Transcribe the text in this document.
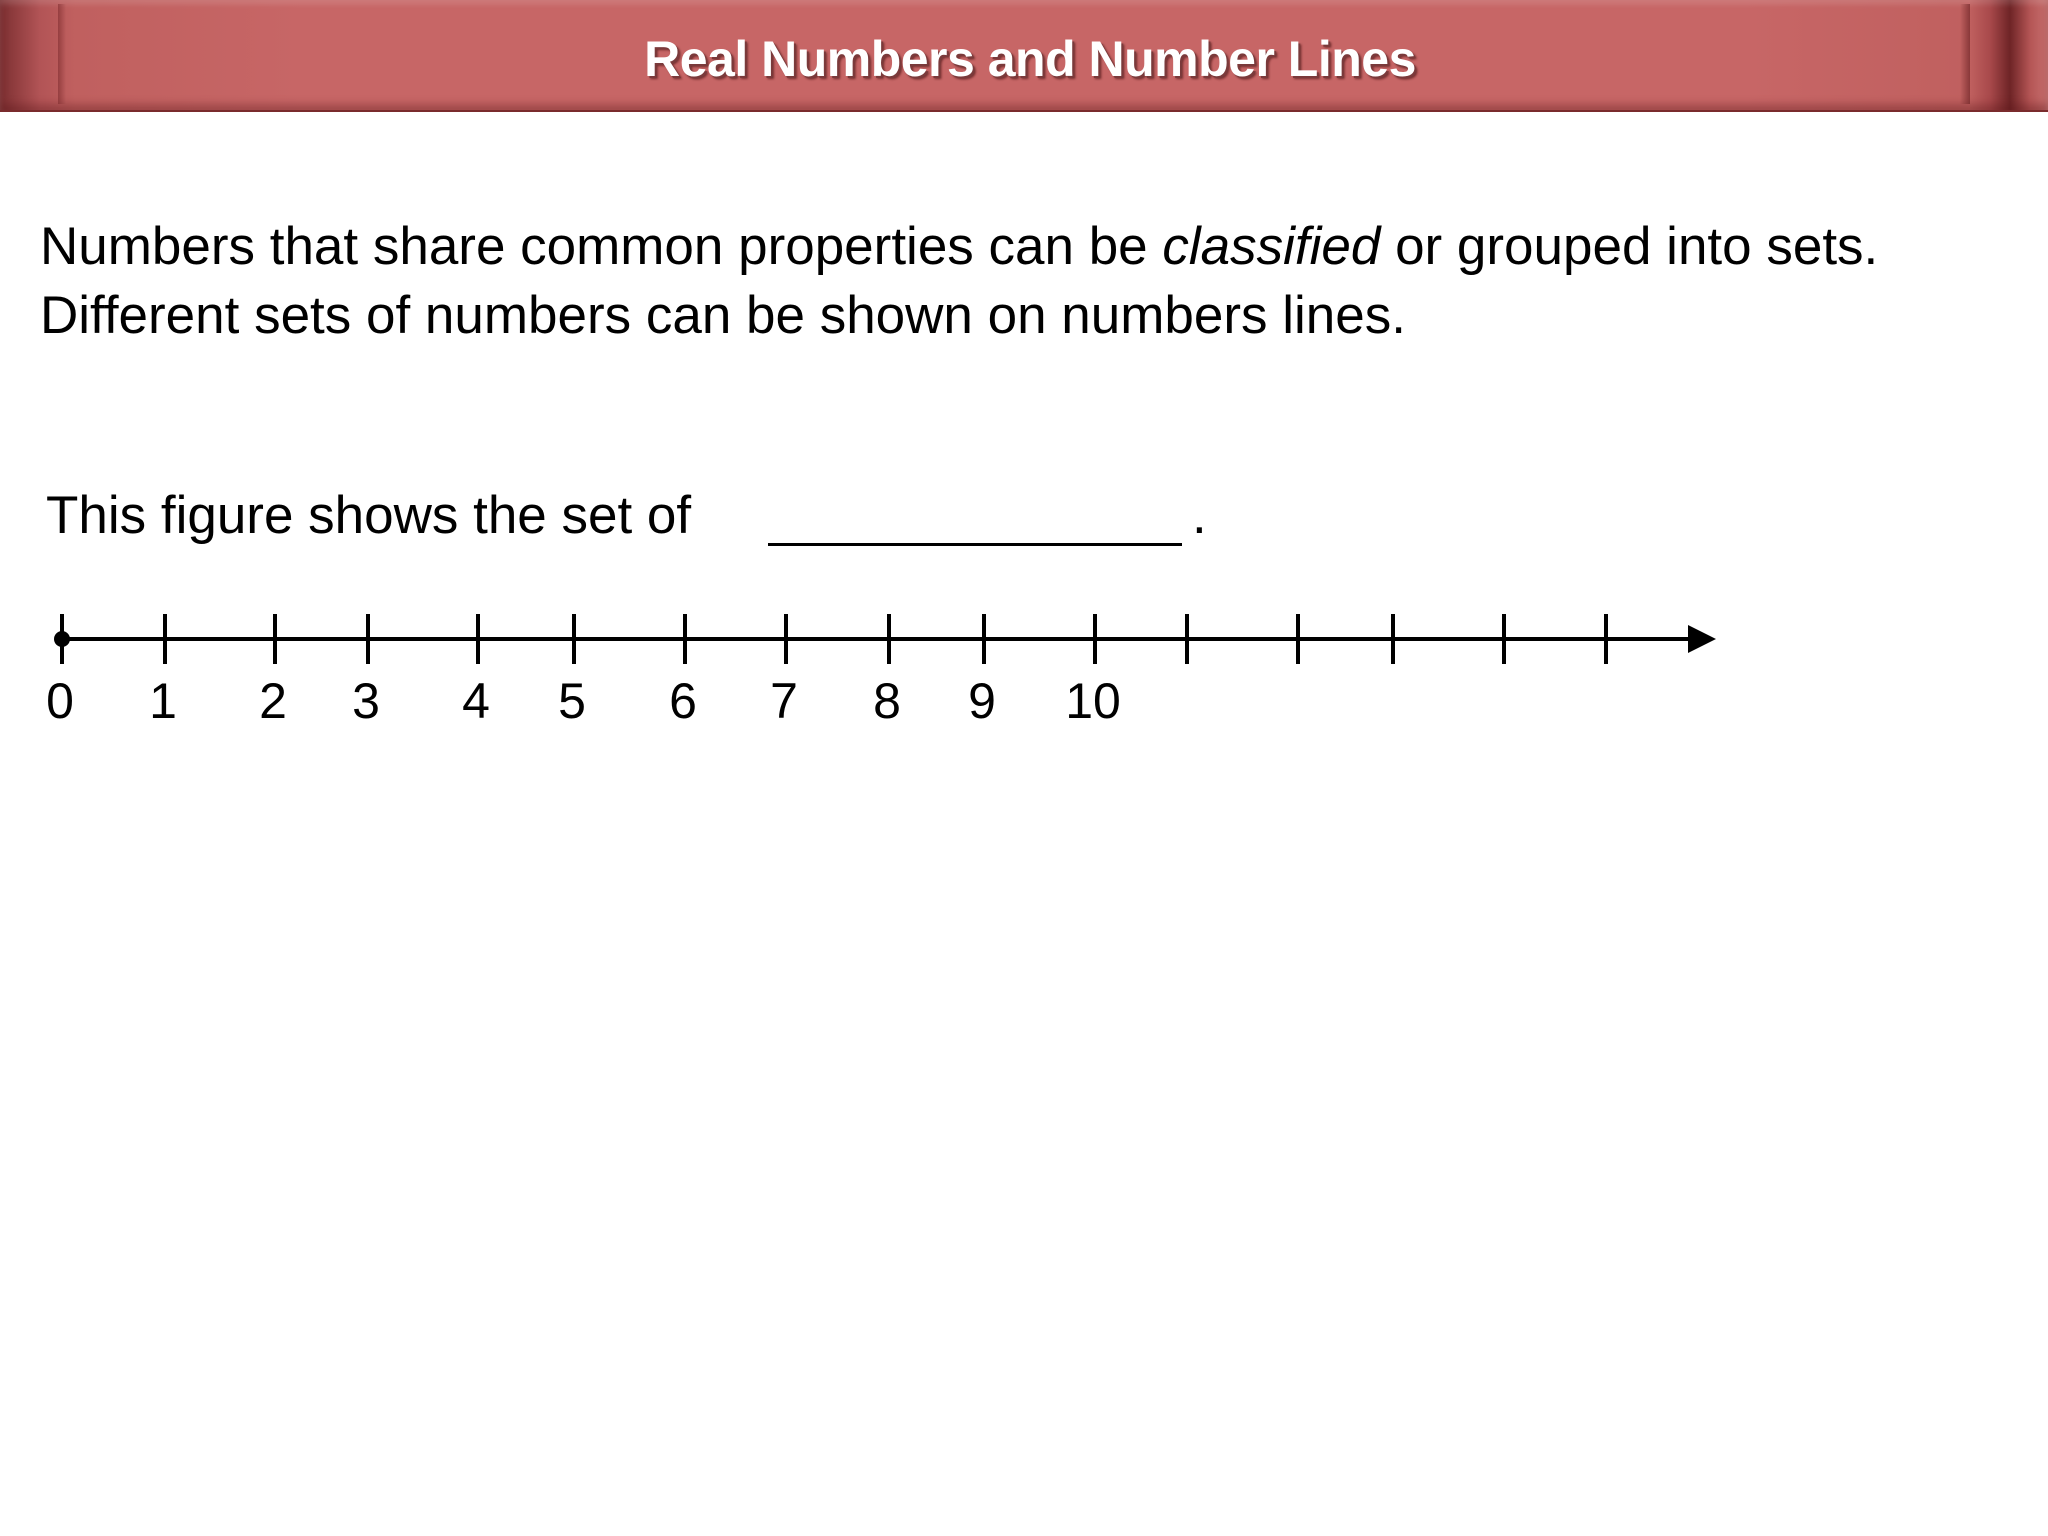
Real Numbers and Number Lines
Numbers that share common properties can be classified or grouped into sets.
Different sets of numbers can be shown on numbers lines.
This figure shows the set of	.
0 1 2 3 4 5 6 7 8 9 10
